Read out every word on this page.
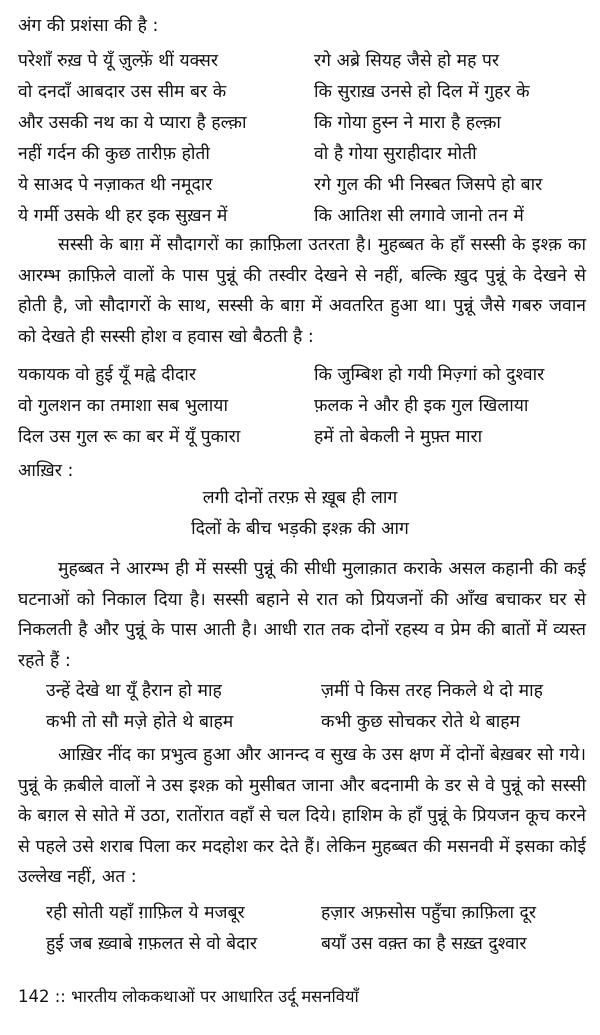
अंग की प्रशंसा की है :
परेशाँ रुख़ पे यूँ ज़ुल्फ़ें थीं यक्सर	रगे अब्रे सियह जैसे हो मह पर
वो दनदाँ आबदार उस सीम बर के	कि सुराख़ उनसे हो दिल में गुहर के
और उसकी नथ का ये प्यारा है हल्क़ा	कि गोया हुस्न ने मारा है हल्क़ा
नहीं गर्दन की कुछ तारीफ़ होती	वो है गोया सुराहीदार मोती
ये साअद पे नज़ाकत थी नमूदार	रगे गुल की भी निस्बत जिसपे हो बार
ये गर्मी उसके थी हर इक सुख़न में	कि आतिश सी लगावे जानो तन में
सस्सी के बाग़ में सौदागरों का क़ाफ़िला उतरता है। मुहब्बत के हाँ सस्सी के इश्क़ का आरम्भ क़ाफ़िले वालों के पास पुन्नूं की तस्वीर देखने से नहीं, बल्कि ख़ुद पुन्नूं के देखने से होती है, जो सौदागरों के साथ, सस्सी के बाग़ में अवतरित हुआ था। पुन्नूं जैसे गबरु जवान को देखते ही सस्सी होश व हवास खो बैठती है :
यकायक वो हुई यूँ मह्वे दीदार	कि जुम्बिश हो गयी मिज़्गां को दुश्वार
वो गुलशन का तमाशा सब भुलाया	फ़लक ने और ही इक गुल खिलाया
दिल उस गुल रू का बर में यूँ पुकारा	हमें तो बेकली ने मुफ़्त मारा
आख़िर :
लगी दोनों तरफ़ से ख़ूब ही लाग
दिलों के बीच भड़की इश्क़ की आग
मुहब्बत ने आरम्भ ही में सस्सी पुन्नूं की सीधी मुलाक़ात कराके असल कहानी की कई घटनाओं को निकाल दिया है। सस्सी बहाने से रात को प्रियजनों की आँख बचाकर घर से निकलती है और पुन्नूं के पास आती है। आधी रात तक दोनों रहस्य व प्रेम की बातों में व्यस्त रहते हैं :
उन्हें देखे था यूँ हैरान हो माह	ज़मीं पे किस तरह निकले थे दो माह
कभी तो सौ मज़े होते थे बाहम	कभी कुछ सोचकर रोते थे बाहम
आख़िर नींद का प्रभुत्व हुआ और आनन्द व सुख के उस क्षण में दोनों बेख़बर सो गये। पुन्नूं के क़बीले वालों ने उस इश्क़ को मुसीबत जाना और बदनामी के डर से वे पुन्नूं को सस्सी के बग़ल से सोते में उठा, रातोंरात वहाँ से चल दिये। हाशिम के हाँ पुन्नूं के प्रियजन कूच करने से पहले उसे शराब पिला कर मदहोश कर देते हैं। लेकिन मुहब्बत की मसनवी में इसका कोई उल्लेख नहीं, अत :
रही सोती यहाँ ग़ाफ़िल ये मजबूर	हज़ार अफ़सोस पहुँचा क़ाफ़िला दूर
हुई जब ख़्वाबे ग़फ़लत से वो बेदार	बयाँ उस वक़्त का है सख़्त दुश्वार
142 :: भारतीय लोककथाओं पर आधारित उर्दू मसनवियाँ
